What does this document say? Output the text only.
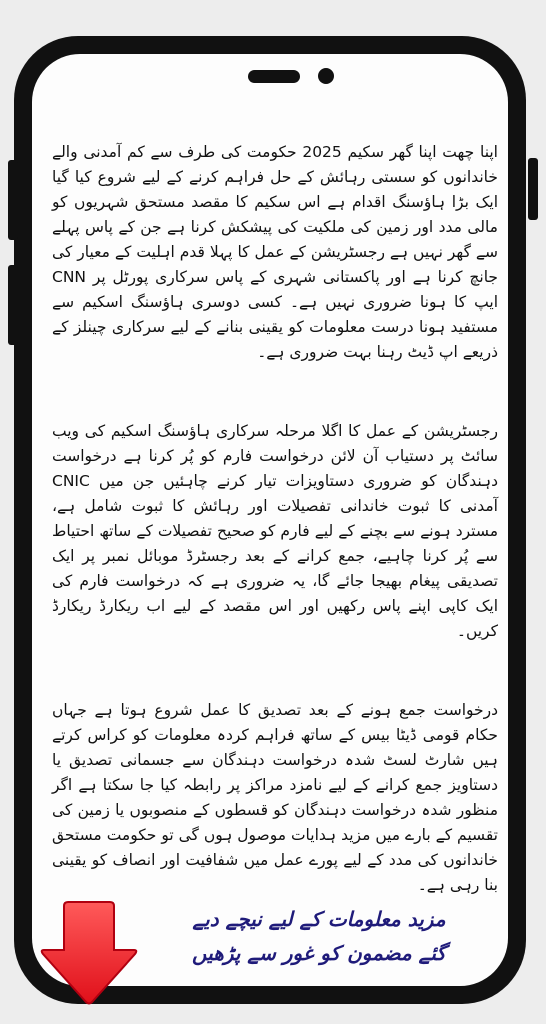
اپنا چھت اپنا گھر سکیم 2025 حکومت کی طرف سے کم آمدنی والے خاندانوں کو سستی رہائش کے حل فراہم کرنے کے لیے شروع کیا گیا ایک بڑا ہاؤسنگ اقدام ہے اس سکیم کا مقصد مستحق شہریوں کو مالی مدد اور زمین کی ملکیت کی پیشکش کرنا ہے جن کے پاس پہلے سے گھر نہیں ہے رجسٹریشن کے عمل کا پہلا قدم اہلیت کے معیار کی جانچ کرنا ہے اور پاکستانی شہری کے پاس سرکاری پورٹل پر CNN ایپ کا ہونا ضروری نہیں ہے۔ کسی دوسری ہاؤسنگ اسکیم سے مستفید ہونا درست معلومات کو یقینی بنانے کے لیے سرکاری چینلز کے ذریعے اپ ڈیٹ رہنا بہت ضروری ہے۔

رجسٹریشن کے عمل کا اگلا مرحلہ سرکاری ہاؤسنگ اسکیم کی ویب سائٹ پر دستیاب آن لائن درخواست فارم کو پُر کرنا ہے درخواست دہندگان کو ضروری دستاویزات تیار کرنے چاہئیں جن میں CNIC آمدنی کا ثبوت خاندانی تفصیلات اور رہائش کا ثبوت شامل ہے، مسترد ہونے سے بچنے کے لیے فارم کو صحیح تفصیلات کے ساتھ احتیاط سے پُر کرنا چاہیے، جمع کرانے کے بعد رجسٹرڈ موبائل نمبر پر ایک تصدیقی پیغام بھیجا جائے گا، یہ ضروری ہے کہ درخواست فارم کی ایک کاپی اپنے پاس رکھیں اور اس مقصد کے لیے اب ریکارڈ ریکارڈ کریں۔

درخواست جمع ہونے کے بعد تصدیق کا عمل شروع ہوتا ہے جہاں حکام قومی ڈیٹا بیس کے ساتھ فراہم کردہ معلومات کو کراس کرتے ہیں شارٹ لسٹ شدہ درخواست دہندگان سے جسمانی تصدیق یا دستاویز جمع کرانے کے لیے نامزد مراکز پر رابطہ کیا جا سکتا ہے اگر منظور شدہ درخواست دہندگان کو قسطوں کے منصوبوں یا زمین کی تقسیم کے بارے میں مزید ہدایات موصول ہوں گی تو حکومت مستحق خاندانوں کی مدد کے لیے پورے عمل میں شفافیت اور انصاف کو یقینی بنا رہی ہے۔

مزید معلومات کے لیے نیچے دیے
گئے مضمون کو غور سے پڑھیں
